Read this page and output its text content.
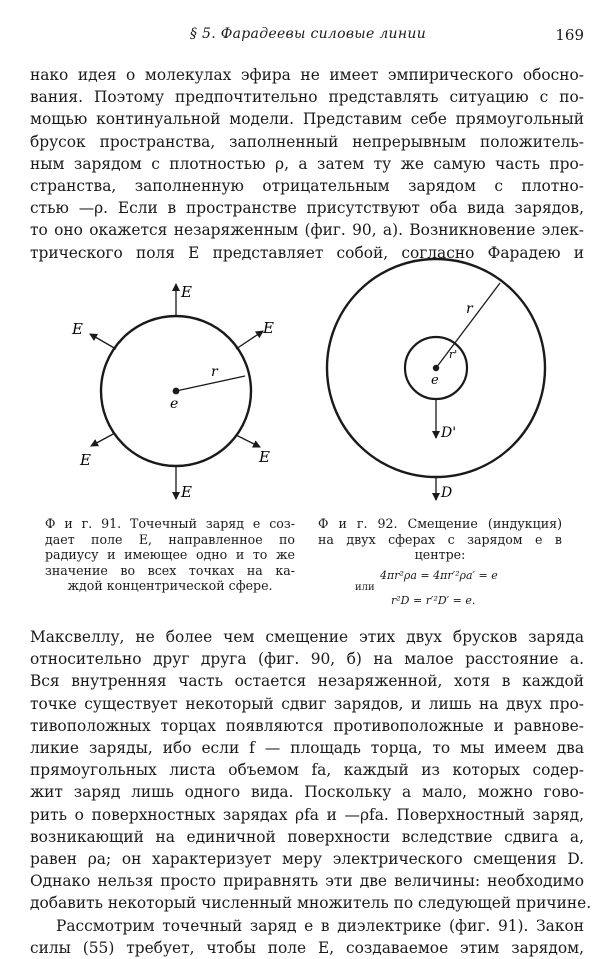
§ 5. Фарадеевы силовые линии	169
нако идея о молекулах эфира не имеет эмпирического обосно-
вания. Поэтому предпочтительно представлять ситуацию с по-
мощью континуальной модели. Представим себе прямоугольный
брусок пространства, заполненный непрерывным положитель-
ным зарядом с плотностью ρ, а затем ту же самую часть про-
странства, заполненную отрицательным зарядом с плотно-
стью —ρ. Если в пространстве присутствуют оба вида зарядов,
то оно окажется незаряженным (фиг. 90, а). Возникновение элек-
трического поля E представляет собой, согласно Фарадею и
E
E
E
E
E
E
r
e
r
r'
e
D'
D
Ф и г. 91. Точечный заряд e соз-
дает поле E, направленное по
радиусу и имеющее одно и то же
значение во всех точках на ка-
ждой концентрической сфере.
Ф и г. 92. Смещение (индукция)
на двух сферах с зарядом e в
центре:
4πr²ρa = 4πr′²ρa′ = e
или
r²D = r′²D′ = e.
Максвеллу, не более чем смещение этих двух брусков заряда
относительно друг друга (фиг. 90, б) на малое расстояние a.
Вся внутренняя часть остается незаряженной, хотя в каждой
точке существует некоторый сдвиг зарядов, и лишь на двух про-
тивоположных торцах появляются противоположные и равнове-
ликие заряды, ибо если f — площадь торца, то мы имеем два
прямоугольных листа объемом fa, каждый из которых содер-
жит заряд лишь одного вида. Поскольку a мало, можно гово-
рить о поверхностных зарядах ρfa и —ρfa. Поверхностный заряд,
возникающий на единичной поверхности вследствие сдвига a,
равен ρa; он характеризует меру электрического смещения D.
Однако нельзя просто приравнять эти две величины: необходимо
добавить некоторый численный множитель по следующей причине.
Рассмотрим точечный заряд e в диэлектрике (фиг. 91). Закон
силы (55) требует, чтобы поле E, создаваемое этим зарядом,
